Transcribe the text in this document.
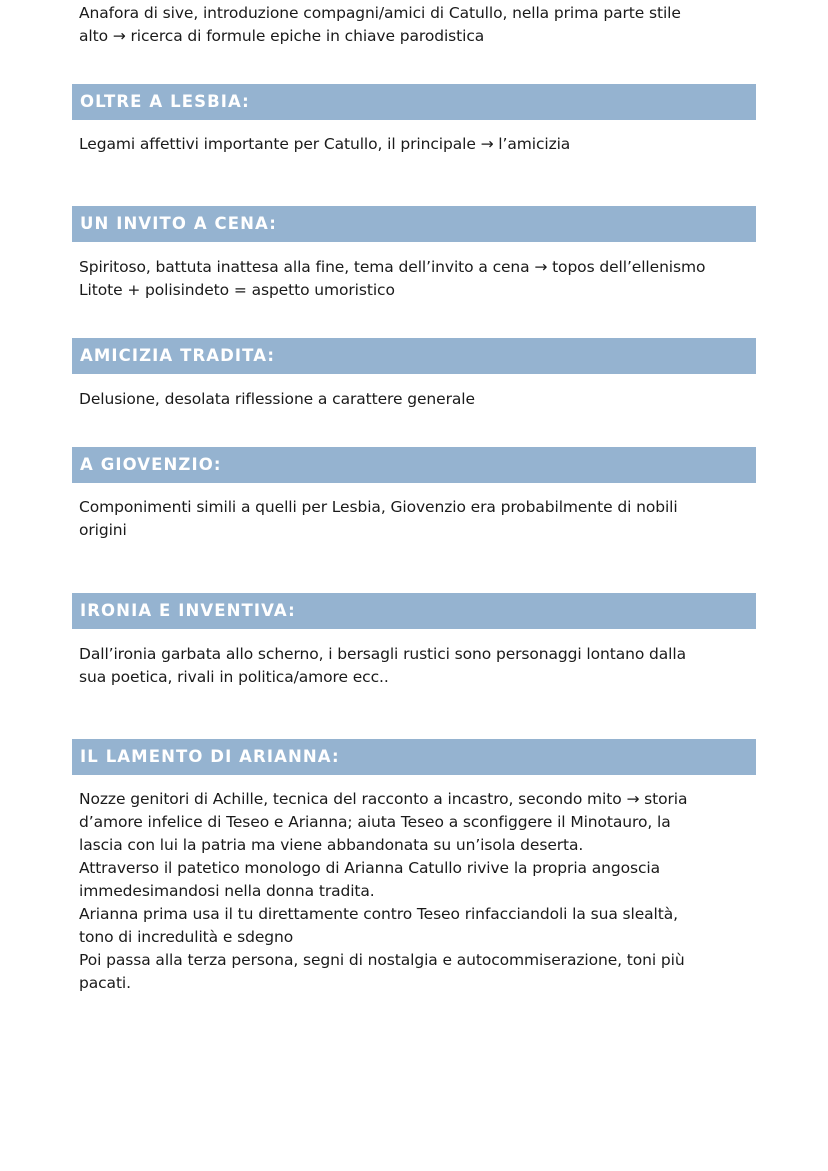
Anafora di sive, introduzione compagni/amici di Catullo, nella prima parte stile
alto → ricerca di formule epiche in chiave parodistica

OLTRE A LESBIA:

Legami affettivi importante per Catullo, il principale → l’amicizia

UN INVITO A CENA:

Spiritoso, battuta inattesa alla fine, tema dell’invito a cena → topos dell’ellenismo
Litote + polisindeto = aspetto umoristico

AMICIZIA TRADITA:

Delusione, desolata riflessione a carattere generale

A GIOVENZIO:

Componimenti simili a quelli per Lesbia, Giovenzio era probabilmente di nobili
origini

IRONIA E INVENTIVA:

Dall’ironia garbata allo scherno, i bersagli rustici sono personaggi lontano dalla
sua poetica, rivali in politica/amore ecc..

IL LAMENTO DI ARIANNA:

Nozze genitori di Achille, tecnica del racconto a incastro, secondo mito → storia
d’amore infelice di Teseo e Arianna; aiuta Teseo a sconfiggere il Minotauro, la
lascia con lui la patria ma viene abbandonata su un’isola deserta.
Attraverso il patetico monologo di Arianna Catullo rivive la propria angoscia
immedesimandosi nella donna tradita.
Arianna prima usa il tu direttamente contro Teseo rinfacciandoli la sua slealtà,
tono di incredulità e sdegno
Poi passa alla terza persona, segni di nostalgia e autocommiserazione, toni più
pacati.
